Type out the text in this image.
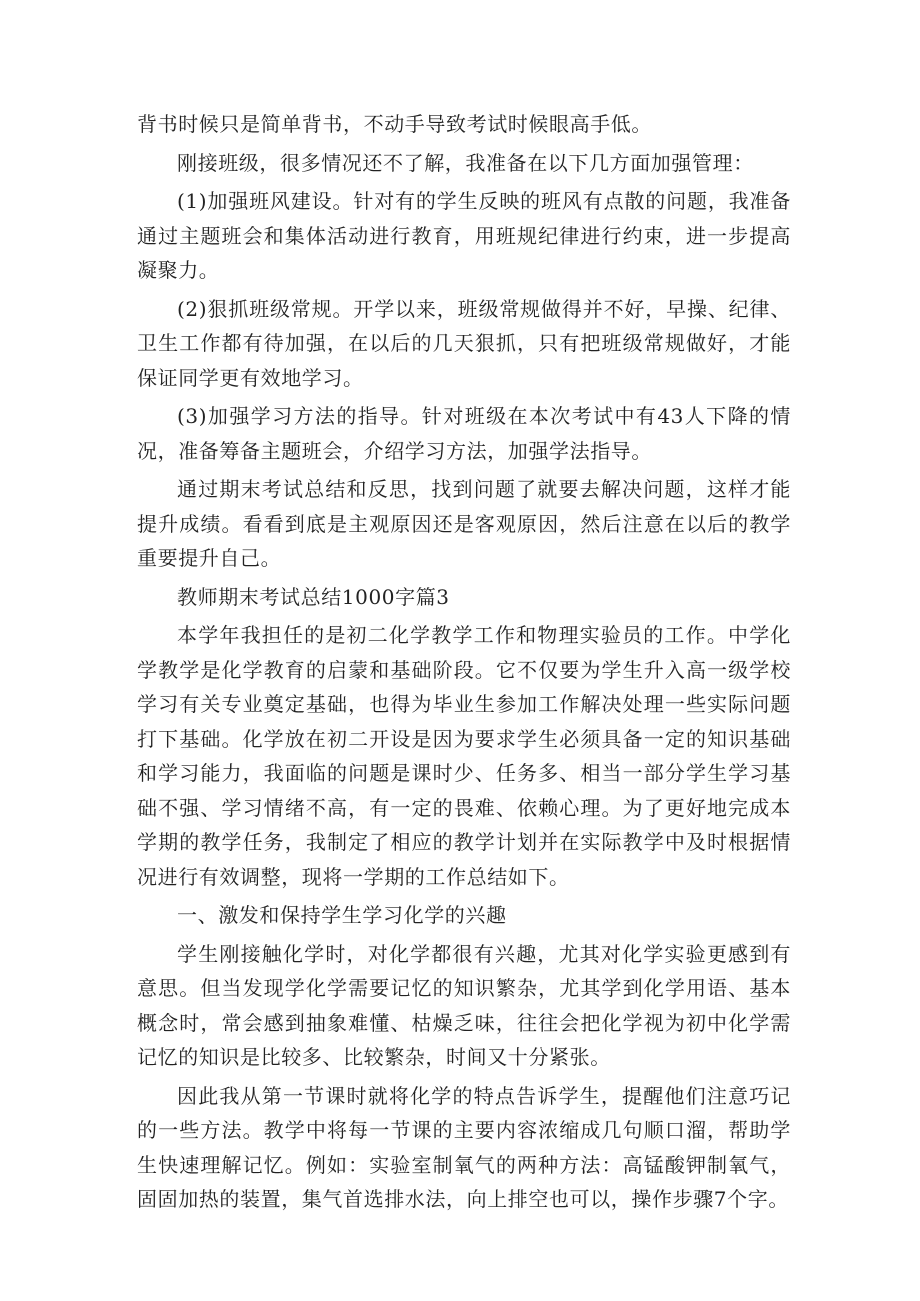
背书时候只是简单背书，不动手导致考试时候眼高手低。

刚接班级，很多情况还不了解，我准备在以下几方面加强管理：

(1)加强班风建设。针对有的学生反映的班风有点散的问题，我准备通过主题班会和集体活动进行教育，用班规纪律进行约束，进一步提高凝聚力。

(2)狠抓班级常规。开学以来，班级常规做得并不好，早操、纪律、卫生工作都有待加强，在以后的几天狠抓，只有把班级常规做好，才能保证同学更有效地学习。

(3)加强学习方法的指导。针对班级在本次考试中有43人下降的情况，准备筹备主题班会，介绍学习方法，加强学法指导。

通过期末考试总结和反思，找到问题了就要去解决问题，这样才能提升成绩。看看到底是主观原因还是客观原因，然后注意在以后的教学重要提升自己。

教师期末考试总结1000字篇3

本学年我担任的是初二化学教学工作和物理实验员的工作。中学化学教学是化学教育的启蒙和基础阶段。它不仅要为学生升入高一级学校学习有关专业奠定基础，也得为毕业生参加工作解决处理一些实际问题打下基础。化学放在初二开设是因为要求学生必须具备一定的知识基础和学习能力，我面临的问题是课时少、任务多、相当一部分学生学习基础不强、学习情绪不高，有一定的畏难、依赖心理。为了更好地完成本学期的教学任务，我制定了相应的教学计划并在实际教学中及时根据情况进行有效调整，现将一学期的工作总结如下。

一、激发和保持学生学习化学的兴趣

学生刚接触化学时，对化学都很有兴趣，尤其对化学实验更感到有意思。但当发现学化学需要记忆的知识繁杂，尤其学到化学用语、基本概念时，常会感到抽象难懂、枯燥乏味，往往会把化学视为初中化学需记忆的知识是比较多、比较繁杂，时间又十分紧张。

因此我从第一节课时就将化学的特点告诉学生，提醒他们注意巧记的一些方法。教学中将每一节课的主要内容浓缩成几句顺口溜，帮助学生快速理解记忆。例如：实验室制氧气的两种方法：高锰酸钾制氧气，固固加热的装置，集气首选排水法，向上排空也可以，操作步骤7个字。
